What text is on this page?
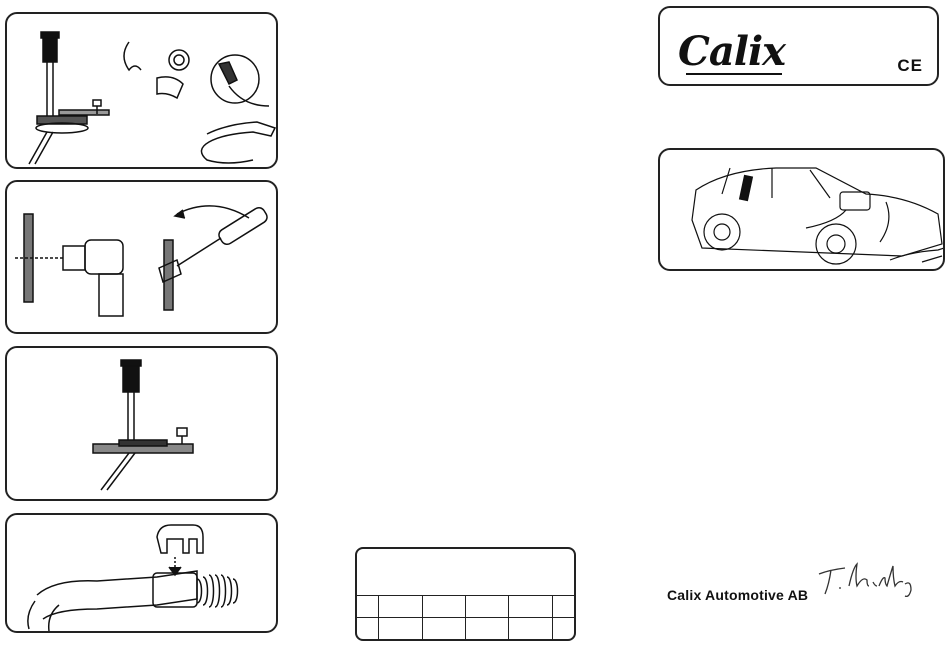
Calix	CE

Calix Automotive AB
